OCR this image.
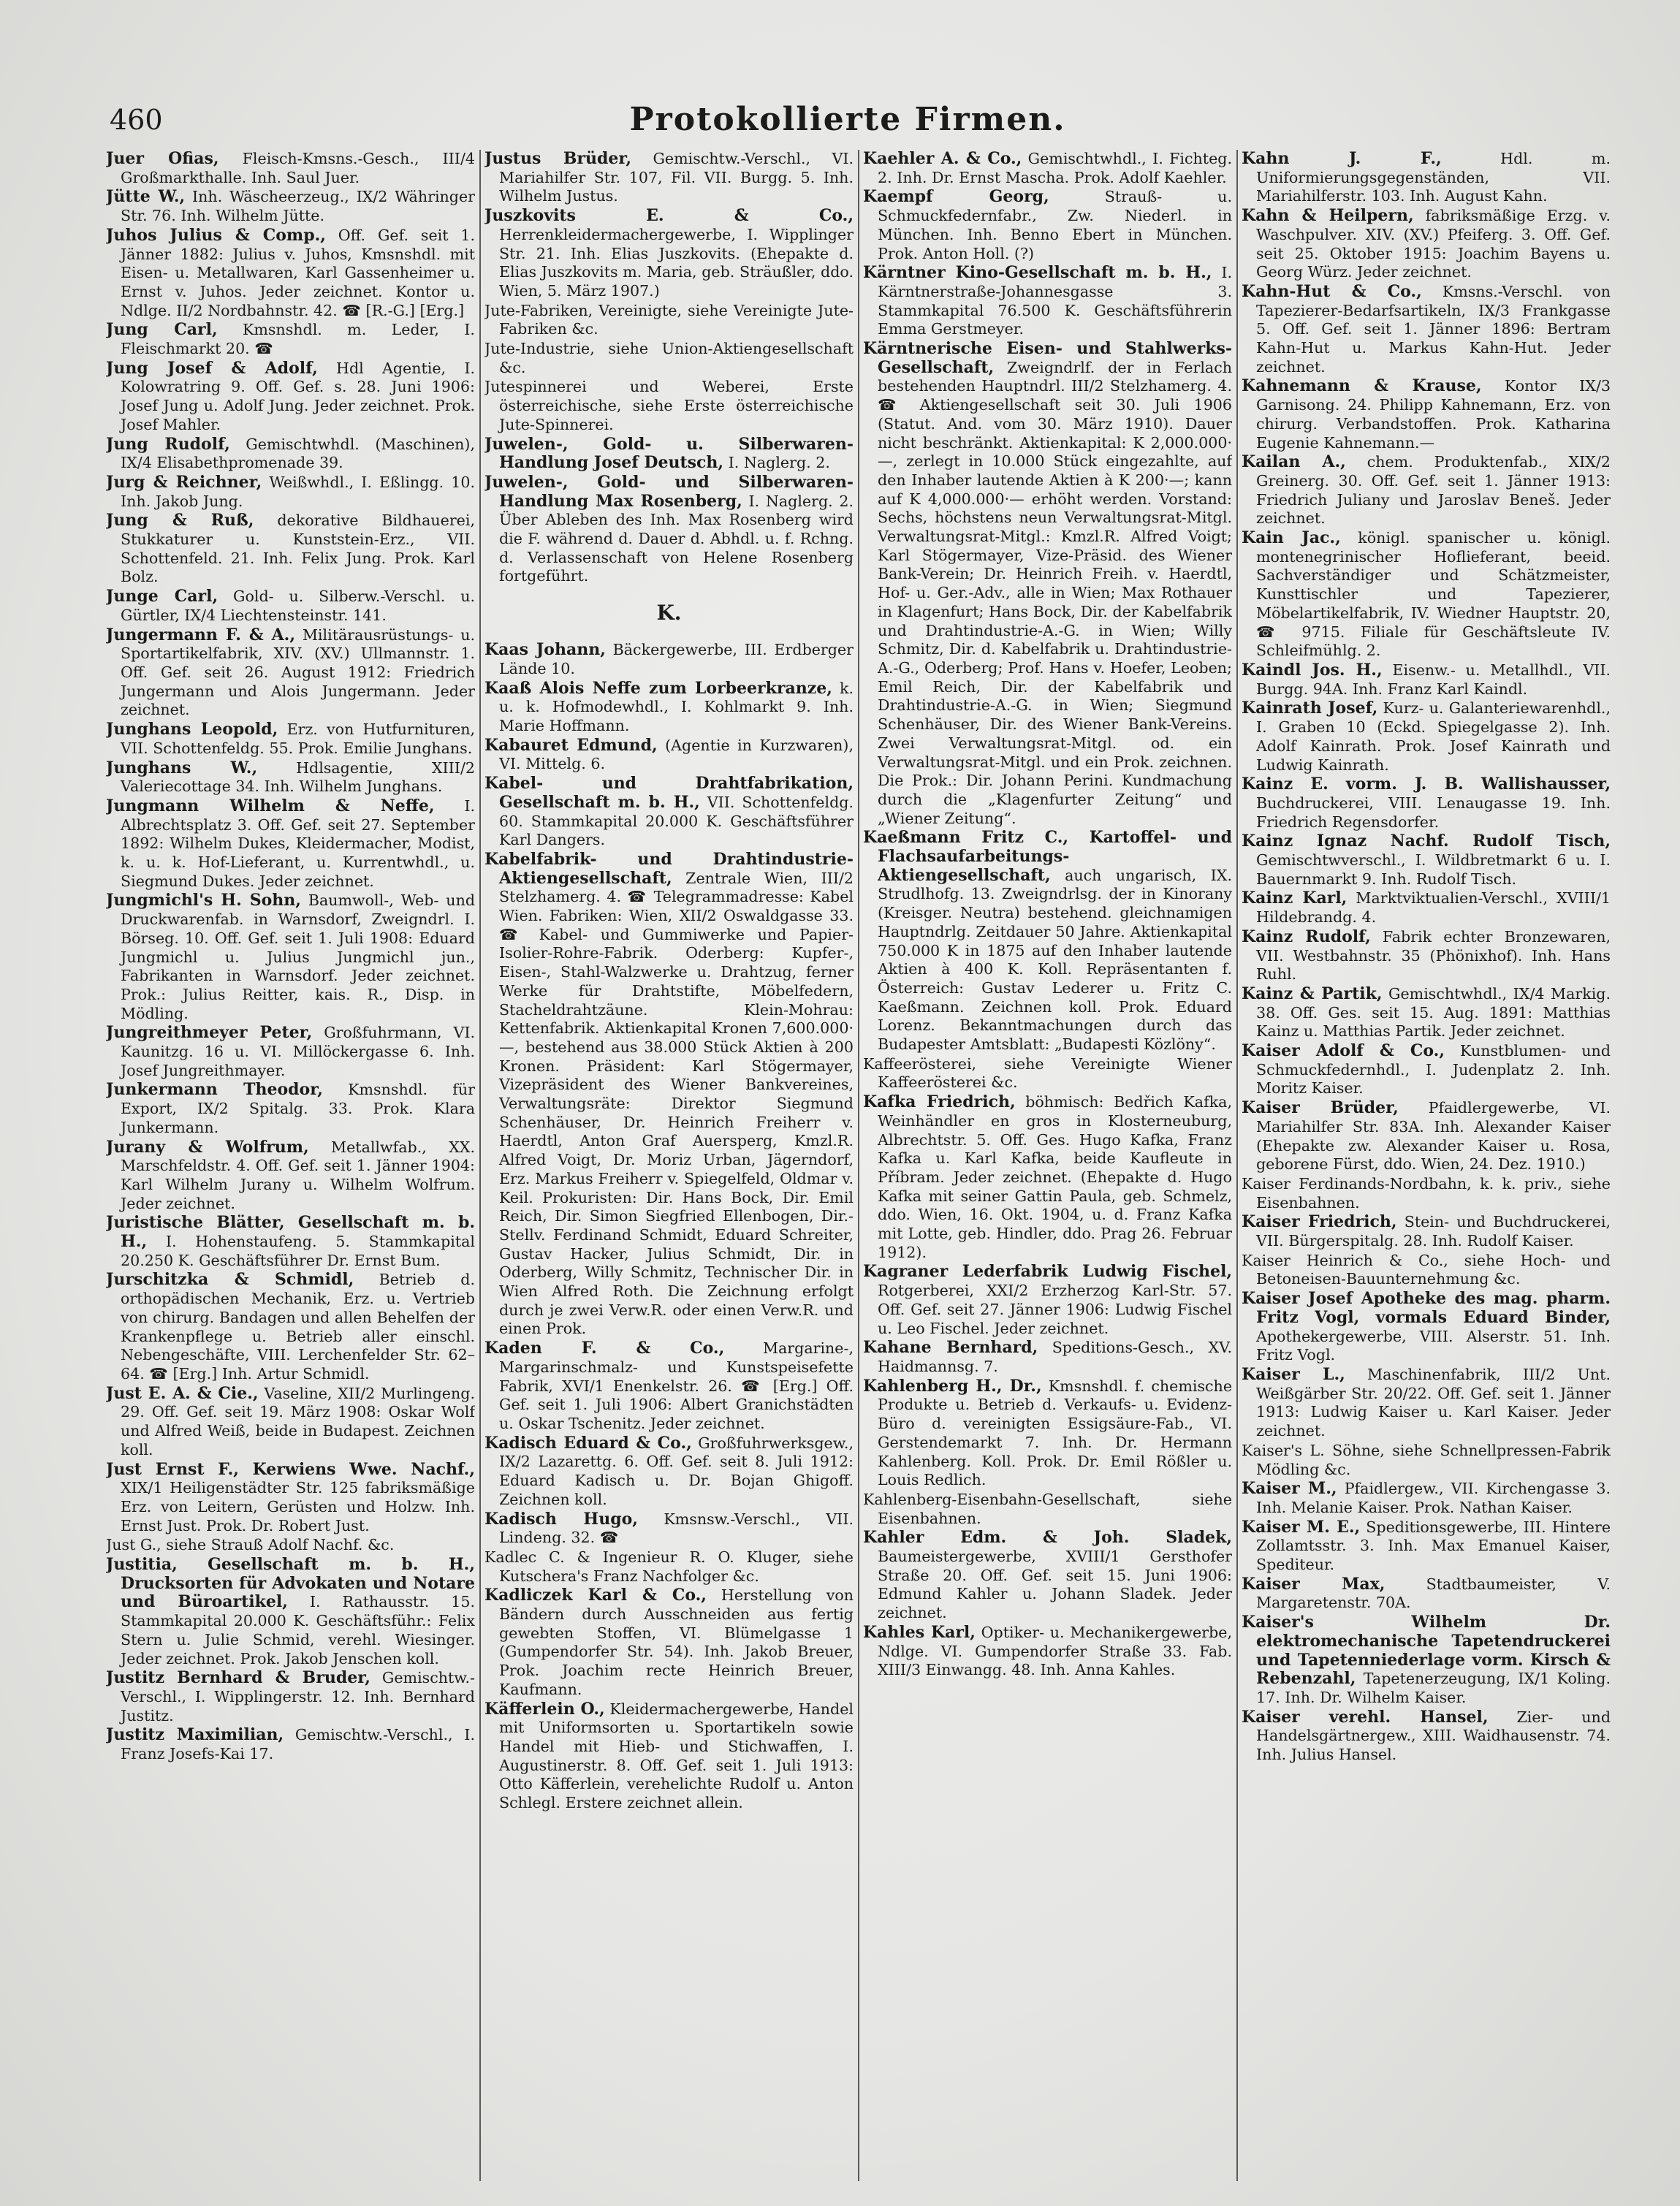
460	Protokollierte Firmen.
Juer Ofias, Fleisch-Kmsns.-Gesch., III/4 Großmarkthalle. Inh. Saul Juer.
Jütte W., Inh. Wäscheerzeug., IX/2 Währinger Str. 76. Inh. Wilhelm Jütte.
Juhos Julius & Comp., Off. Gef. seit 1. Jänner 1882: Julius v. Juhos, Kmsnshdl. mit Eisen- u. Metallwaren, Karl Gassenheimer u. Ernst v. Juhos. Jeder zeichnet. Kontor u. Ndlge. II/2 Nordbahnstr. 42. ☎ [R.-G.] [Erg.]
Jung Carl, Kmsnshdl. m. Leder, I. Fleischmarkt 20. ☎
Jung Josef & Adolf, Hdl Agentie, I. Kolowratring 9. Off. Gef. s. 28. Juni 1906: Josef Jung u. Adolf Jung. Jeder zeichnet. Prok. Josef Mahler.
Jung Rudolf, Gemischtwhdl. (Maschinen), IX/4 Elisabethpromenade 39.
Jurg & Reichner, Weißwhdl., I. Eßlingg. 10. Inh. Jakob Jung.
Jung & Ruß, dekorative Bildhauerei, Stukkaturer u. Kunststein-Erz., VII. Schottenfeld. 21. Inh. Felix Jung. Prok. Karl Bolz.
Junge Carl, Gold- u. Silberw.-Verschl. u. Gürtler, IX/4 Liechtensteinstr. 141.
Jungermann F. & A., Militärausrüstungs- u. Sportartikelfabrik, XIV. (XV.) Ullmannstr. 1. Off. Gef. seit 26. August 1912: Friedrich Jungermann und Alois Jungermann. Jeder zeichnet.
Junghans Leopold, Erz. von Hutfurnituren, VII. Schottenfeldg. 55. Prok. Emilie Junghans.
Junghans W.,	Hdlsagentie, XIII/2 Valeriecottage 34. Inh. Wilhelm Junghans.
Jungmann Wilhelm & Neffe, I. Albrechtsplatz 3. Off. Gef. seit 27. September 1892: Wilhelm Dukes, Kleidermacher, Modist, k. u. k. Hof-Lieferant, u. Kurrentwhdl., u. Siegmund Dukes. Jeder zeichnet.
Jungmichl's H. Sohn, Baumwoll-, Web- und Druckwarenfab. in Warnsdorf, Zweigndrl. I. Börseg. 10. Off. Gef. seit 1. Juli 1908: Eduard Jungmichl u. Julius Jungmichl jun., Fabrikanten in Warnsdorf. Jeder zeichnet. Prok.: Julius Reitter, kais. R., Disp. in Mödling.
Jungreithmeyer Peter, Großfuhrmann, VI. Kaunitzg. 16 u. VI. Millöckergasse 6. Inh. Josef Jungreithmayer.
Junkermann Theodor, Kmsnshdl. für Export, IX/2 Spitalg. 33. Prok. Klara Junkermann.
Jurany & Wolfrum, Metallwfab., XX. Marschfeldstr. 4. Off. Gef. seit 1. Jänner 1904: Karl Wilhelm Jurany u. Wilhelm Wolfrum. Jeder zeichnet.
Juristische Blätter, Gesellschaft m. b. H., I. Hohenstaufeng. 5. Stammkapital 20.250 K. Geschäftsführer Dr. Ernst Bum.
Jurschitzka & Schmidl, Betrieb d. orthopädischen Mechanik, Erz. u. Vertrieb von chirurg. Bandagen und allen Behelfen der Krankenpflege u. Betrieb aller einschl. Nebengeschäfte, VIII. Lerchenfelder Str. 62–64. ☎ [Erg.] Inh. Artur Schmidl.
Just E. A. & Cie., Vaseline, XII/2 Murlingeng. 29. Off. Gef. seit 19. März 1908: Oskar Wolf und Alfred Weiß, beide in Budapest. Zeichnen koll.
Just Ernst F., Kerwiens Wwe. Nachf., XIX/1 Heiligenstädter Str. 125 fabriksmäßige Erz. von Leitern, Gerüsten und Holzw. Inh. Ernst Just. Prok. Dr. Robert Just.
Just G., siehe Strauß Adolf Nachf. &c.
Justitia, Gesellschaft m. b. H., Drucksorten für Advokaten und Notare und Büroartikel, I. Rathausstr. 15. Stammkapital 20.000 K. Geschäftsführ.: Felix Stern u. Julie Schmid, verehl. Wiesinger. Jeder zeichnet. Prok. Jakob Jenschen koll.
Justitz Bernhard & Bruder, Gemischtw.-Verschl., I. Wipplingerstr. 12. Inh. Bernhard Justitz.
Justitz Maximilian, Gemischtw.-Verschl., I. Franz Josefs-Kai 17.
Justus Brüder, Gemischtw.-Verschl., VI. Mariahilfer Str. 107, Fil. VII. Burgg. 5. Inh. Wilhelm Justus.
Juszkovits E. & Co., Herrenkleidermachergewerbe, I. Wipplinger Str. 21. Inh. Elias Juszkovits. (Ehepakte d. Elias Juszkovits m. Maria, geb. Sträußler, ddo. Wien, 5. März 1907.)
Jute-Fabriken, Vereinigte, siehe Vereinigte Jute-Fabriken &c.
Jute-Industrie, siehe Union-Aktiengesellschaft &c.
Jutespinnerei und Weberei, Erste österreichische, siehe Erste österreichische Jute-Spinnerei.
Juwelen-, Gold- u. Silberwaren-Handlung Josef Deutsch, I. Naglerg. 2.
Juwelen-, Gold- und Silberwaren-Handlung Max Rosenberg, I. Naglerg. 2. Über Ableben des Inh. Max Rosenberg wird die F. während d. Dauer d. Abhdl. u. f. Rchng. d. Verlassenschaft von Helene Rosenberg fortgeführt.
K.
Kaas Johann, Bäckergewerbe, III. Erdberger Lände 10.
Kaaß Alois Neffe zum Lorbeerkranze, k. u. k. Hofmodewhdl., I. Kohlmarkt 9. Inh. Marie Hoffmann.
Kabauret Edmund, (Agentie in Kurzwaren), VI. Mittelg. 6.
Kabel- und Drahtfabrikation, Gesellschaft m. b. H., VII. Schottenfeldg. 60. Stammkapital 20.000 K. Geschäftsführer Karl Dangers.
Kabelfabrik- und Drahtindustrie-Aktiengesellschaft, Zentrale Wien, III/2 Stelzhamerg. 4. ☎ Telegrammadresse: Kabel Wien. Fabriken: Wien, XII/2 Oswaldgasse 33. ☎ Kabel- und Gummiwerke und Papier-Isolier-Rohre-Fabrik. Oderberg: Kupfer-, Eisen-, Stahl-Walzwerke u. Drahtzug, ferner Werke für Drahtstifte, Möbelfedern, Stacheldrahtzäune. Klein-Mohrau: Kettenfabrik. Aktienkapital Kronen 7,600.000·—, bestehend aus 38.000 Stück Aktien à 200 Kronen. Präsident: Karl Stögermayer, Vizepräsident des Wiener Bankvereines, Verwaltungsräte: Direktor Siegmund Schenhäuser, Dr. Heinrich Freiherr v. Haerdtl, Anton Graf Auersperg, Kmzl.R. Alfred Voigt, Dr. Moriz Urban, Jägerndorf, Erz. Markus Freiherr v. Spiegelfeld, Oldmar v. Keil. Prokuristen: Dir. Hans Bock, Dir. Emil Reich, Dir. Simon Siegfried Ellenbogen, Dir.-Stellv. Ferdinand Schmidt, Eduard Schreiter, Gustav Hacker, Julius Schmidt, Dir. in Oderberg, Willy Schmitz, Technischer Dir. in Wien Alfred Roth. Die Zeichnung erfolgt durch je zwei Verw.R. oder einen Verw.R. und einen Prok.
Kaden F. & Co.,	Margarine-, Margarinschmalz- und Kunstspeisefette Fabrik, XVI/1 Enenkelstr. 26. ☎ [Erg.] Off. Gef. seit 1. Juli 1906: Albert Granichstädten u. Oskar Tschenitz. Jeder zeichnet.
Kadisch Eduard & Co., Großfuhrwerksgew., IX/2 Lazarettg. 6. Off. Gef. seit 8. Juli 1912: Eduard Kadisch u. Dr. Bojan Ghigoff. Zeichnen koll.
Kadisch Hugo, Kmsnsw.-Verschl., VII. Lindeng. 32. ☎
Kadlec C. & Ingenieur R. O. Kluger, siehe Kutschera's Franz Nachfolger &c.
Kadliczek Karl & Co., Herstellung von Bändern durch Ausschneiden aus fertig gewebten Stoffen, VI. Blümelgasse 1 (Gumpendorfer Str. 54). Inh. Jakob Breuer, Prok. Joachim recte Heinrich Breuer, Kaufmann.
Käfferlein O., Kleidermachergewerbe, Handel mit Uniformsorten u. Sportartikeln sowie Handel mit Hieb- und Stichwaffen, I. Augustinerstr. 8. Off. Gef. seit 1. Juli 1913: Otto Käfferlein, verehelichte Rudolf u. Anton Schlegl. Erstere zeichnet allein.
Kaehler A. & Co., Gemischtwhdl., I. Fichteg. 2. Inh. Dr. Ernst Mascha. Prok. Adolf Kaehler.
Kaempf Georg,	Strauß- u. Schmuckfedernfabr., Zw. Niederl. in München. Inh. Benno Ebert in München. Prok. Anton Holl. (?)
Kärntner Kino-Gesellschaft m. b. H., I. Kärntnerstraße-Johannesgasse 3. Stammkapital 76.500 K. Geschäftsführerin Emma Gerstmeyer.
Kärntnerische Eisen- und Stahlwerks-Gesellschaft, Zweigndrlf. der in Ferlach bestehenden Hauptndrl. III/2 Stelzhamerg. 4. ☎ Aktiengesellschaft seit 30. Juli 1906 (Statut. And. vom 30. März 1910). Dauer nicht beschränkt. Aktienkapital: K 2,000.000·—, zerlegt in 10.000 Stück eingezahlte, auf den Inhaber lautende Aktien à K 200·—; kann auf K 4,000.000·— erhöht werden. Vorstand: Sechs, höchstens neun Verwaltungsrat-Mitgl. Verwaltungsrat-Mitgl.: Kmzl.R. Alfred Voigt; Karl Stögermayer, Vize-Präsid. des Wiener Bank-Verein; Dr. Heinrich Freih. v. Haerdtl, Hof- u. Ger.-Adv., alle in Wien; Max Rothauer in Klagenfurt; Hans Bock, Dir. der Kabelfabrik und Drahtindustrie-A.-G. in Wien; Willy Schmitz, Dir. d. Kabelfabrik u. Drahtindustrie-A.-G., Oderberg; Prof. Hans v. Hoefer, Leoben; Emil Reich, Dir. der Kabelfabrik und Drahtindustrie-A.-G. in Wien; Siegmund Schenhäuser, Dir. des Wiener Bank-Vereins. Zwei Verwaltungsrat-Mitgl. od. ein Verwaltungsrat-Mitgl. und ein Prok. zeichnen. Die Prok.: Dir. Johann Perini. Kundmachung durch die „Klagenfurter Zeitung“ und „Wiener Zeitung“.
Kaeßmann Fritz C., Kartoffel- und Flachsaufarbeitungs-Aktiengesellschaft, auch ungarisch, IX. Strudlhofg. 13. Zweigndrlsg. der in Kinorany (Kreisger. Neutra) bestehend. gleichnamigen Hauptndrlg. Zeitdauer 50 Jahre. Aktienkapital 750.000 K in 1875 auf den Inhaber lautende Aktien à 400 K. Koll. Repräsentanten f. Österreich: Gustav Lederer u. Fritz C. Kaeßmann. Zeichnen koll. Prok. Eduard Lorenz. Bekanntmachungen durch das Budapester Amtsblatt: „Budapesti Közlöny“.
Kaffeerösterei, siehe Vereinigte Wiener Kaffeerösterei &c.
Kafka Friedrich, böhmisch: Bedřich Kafka, Weinhändler en gros in Klosterneuburg, Albrechtstr. 5. Off. Ges. Hugo Kafka, Franz Kafka u. Karl Kafka, beide Kaufleute in Příbram. Jeder zeichnet. (Ehepakte d. Hugo Kafka mit seiner Gattin Paula, geb. Schmelz, ddo. Wien, 16. Okt. 1904, u. d. Franz Kafka mit Lotte, geb. Hindler, ddo. Prag 26. Februar 1912).
Kagraner Lederfabrik Ludwig Fischel, Rotgerberei, XXI/2 Erzherzog Karl-Str. 57. Off. Gef. seit 27. Jänner 1906: Ludwig Fischel u. Leo Fischel. Jeder zeichnet.
Kahane Bernhard, Speditions-Gesch., XV. Haidmannsg. 7.
Kahlenberg H., Dr., Kmsnshdl. f. chemische Produkte u. Betrieb d. Verkaufs- u. Evidenz-Büro d. vereinigten Essigsäure-Fab., VI. Gerstendemarkt 7. Inh. Dr. Hermann Kahlenberg. Koll. Prok. Dr. Emil Rößler u. Louis Redlich.
Kahlenberg-Eisenbahn-Gesellschaft, siehe Eisenbahnen.
Kahler Edm. & Joh. Sladek, Baumeistergewerbe, XVIII/1 Gersthofer Straße 20. Off. Gef. seit 15. Juni 1906: Edmund Kahler u. Johann Sladek. Jeder zeichnet.
Kahles Karl, Optiker- u. Mechanikergewerbe, Ndlge. VI. Gumpendorfer Straße 33. Fab. XIII/3 Einwangg. 48. Inh. Anna Kahles.
Kahn J. F.,	Hdl. m. Uniformierungsgegenständen, VII. Mariahilferstr. 103. Inh. August Kahn.
Kahn & Heilpern, fabriksmäßige Erzg. v. Waschpulver. XIV. (XV.) Pfeiferg. 3. Off. Gef. seit 25. Oktober 1915: Joachim Bayens u. Georg Würz. Jeder zeichnet.
Kahn-Hut & Co., Kmsns.-Verschl. von Tapezierer-Bedarfsartikeln, IX/3 Frankgasse 5. Off. Gef. seit 1. Jänner 1896: Bertram Kahn-Hut u. Markus Kahn-Hut. Jeder zeichnet.
Kahnemann & Krause, Kontor IX/3 Garnisong. 24. Philipp Kahnemann, Erz. von chirurg. Verbandstoffen. Prok. Katharina Eugenie Kahnemann.—
Kailan A., chem. Produktenfab., XIX/2 Greinerg. 30. Off. Gef. seit 1. Jänner 1913: Friedrich Juliany und Jaroslav Beneš. Jeder zeichnet.
Kain Jac., königl. spanischer u. königl. montenegrinischer Hoflieferant, beeid. Sachverständiger und Schätzmeister, Kunsttischler und Tapezierer, Möbelartikelfabrik, IV. Wiedner Hauptstr. 20, ☎ 9715. Filiale für Geschäftsleute IV. Schleifmühlg. 2.
Kaindl Jos. H., Eisenw.- u. Metallhdl., VII. Burgg. 94A. Inh. Franz Karl Kaindl.
Kainrath Josef, Kurz- u. Galanteriewarenhdl., I. Graben 10 (Eckd. Spiegelgasse 2). Inh. Adolf Kainrath. Prok. Josef Kainrath und Ludwig Kainrath.
Kainz E. vorm. J. B. Wallishausser, Buchdruckerei, VIII. Lenaugasse 19. Inh. Friedrich Regensdorfer.
Kainz Ignaz Nachf. Rudolf Tisch, Gemischtwverschl., I. Wildbretmarkt 6 u. I. Bauernmarkt 9. Inh. Rudolf Tisch.
Kainz Karl, Marktviktualien-Verschl., XVIII/1 Hildebrandg. 4.
Kainz Rudolf, Fabrik echter Bronzewaren, VII. Westbahnstr. 35 (Phönixhof). Inh. Hans Ruhl.
Kainz & Partik, Gemischtwhdl., IX/4 Markig. 38. Off. Ges. seit 15. Aug. 1891: Matthias Kainz u. Matthias Partik. Jeder zeichnet.
Kaiser Adolf & Co., Kunstblumen- und Schmuckfedernhdl., I. Judenplatz 2. Inh. Moritz Kaiser.
Kaiser Brüder, Pfaidlergewerbe, VI. Mariahilfer Str. 83A. Inh. Alexander Kaiser (Ehepakte zw. Alexander Kaiser u. Rosa, geborene Fürst, ddo. Wien, 24. Dez. 1910.)
Kaiser Ferdinands-Nordbahn, k. k. priv., siehe Eisenbahnen.
Kaiser Friedrich, Stein- und Buchdruckerei, VII. Bürgerspitalg. 28. Inh. Rudolf Kaiser.
Kaiser Heinrich & Co., siehe Hoch- und Betoneisen-Bauunternehmung &c.
Kaiser Josef Apotheke des mag. pharm. Fritz Vogl, vormals Eduard Binder, Apothekergewerbe, VIII. Alserstr. 51. Inh. Fritz Vogl.
Kaiser L., Maschinenfabrik, III/2 Unt. Weißgärber Str. 20/22. Off. Gef. seit 1. Jänner 1913: Ludwig Kaiser u. Karl Kaiser. Jeder zeichnet.
Kaiser's L. Söhne, siehe Schnellpressen-Fabrik Mödling &c.
Kaiser M., Pfaidlergew., VII. Kirchengasse 3. Inh. Melanie Kaiser. Prok. Nathan Kaiser.
Kaiser M. E., Speditionsgewerbe, III. Hintere Zollamtsstr. 3. Inh. Max Emanuel Kaiser, Spediteur.
Kaiser Max,	Stadtbaumeister, V. Margaretenstr. 70A.
Kaiser's Wilhelm Dr. elektromechanische Tapetendruckerei und Tapetenniederlage vorm. Kirsch & Rebenzahl, Tapetenerzeugung, IX/1 Koling. 17. Inh. Dr. Wilhelm Kaiser.
Kaiser verehl. Hansel, Zier- und Handelsgärtnergew., XIII. Waidhausenstr. 74. Inh. Julius Hansel.
